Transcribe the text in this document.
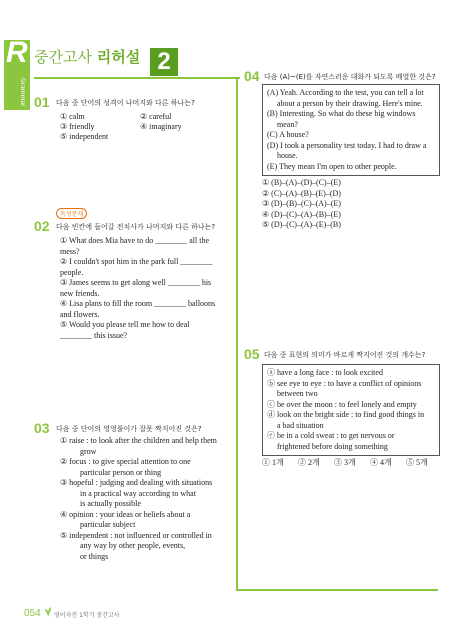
R
Grammar
중간고사 리허설 2
01 다음 중 단어의 성격이 나머지와 다른 하나는?
① calm	② careful
③ friendly	④ imaginary
⑤ independent
독성문제
02 다음 빈칸에 들어갈 전치사가 나머지와 다른 하나는?
① What does Mia have to do ________ all the
mess?
② I couldn't spot him in the park full ________
people.
③ James seems to get along well ________ his
new friends.
④ Lisa plans to fill the room ________ balloons
and flowers.
⑤ Would you please tell me how to deal
________ this issue?
03 다음 중 단어의 영영풀이가 잘못 짝지어진 것은?
① raise : to look after the children and help them
grow
② focus : to give special attention to one
particular person or thing
③ hopeful : judging and dealing with situations
in a practical way according to what
is actually possible
④ opinion : your ideas or beliefs about a
particular subject
⑤ independent : not influenced or controlled in
any way by other people, events,
or things
04 다음 (A)~(E)를 자연스러운 대화가 되도록 배열한 것은?
(A) Yeah. According to the test, you can tell a lot
about a person by their drawing. Here's mine.
(B) Interesting. So what do these big windows
mean?
(C) A house?
(D) I took a personality test today. I had to draw a
house.
(E) They mean I'm open to other people.
① (B)–(A)–(D)–(C)–(E)
② (C)–(A)–(B)–(E)–(D)
③ (D)–(B)–(C)–(A)–(E)
④ (D)–(C)–(A)–(B)–(E)
⑤ (D)–(C)–(A)–(E)–(B)
05 다음 중 표현의 의미가 바르게 짝지어진 것의 개수는?
ⓐ have a long face : to look excited
ⓑ see eye to eye : to have a conflict of opinions
between two
ⓒ be over the moon : to feel lonely and empty
ⓓ look on the bright side : to find good things in
a bad situation
ⓔ be in a cold sweat : to get nervous or
frightened before doing something
① 1개 ② 2개 ③ 3개 ④ 4개 ⑤ 5개
054 영어자전 1학기 중간고사
